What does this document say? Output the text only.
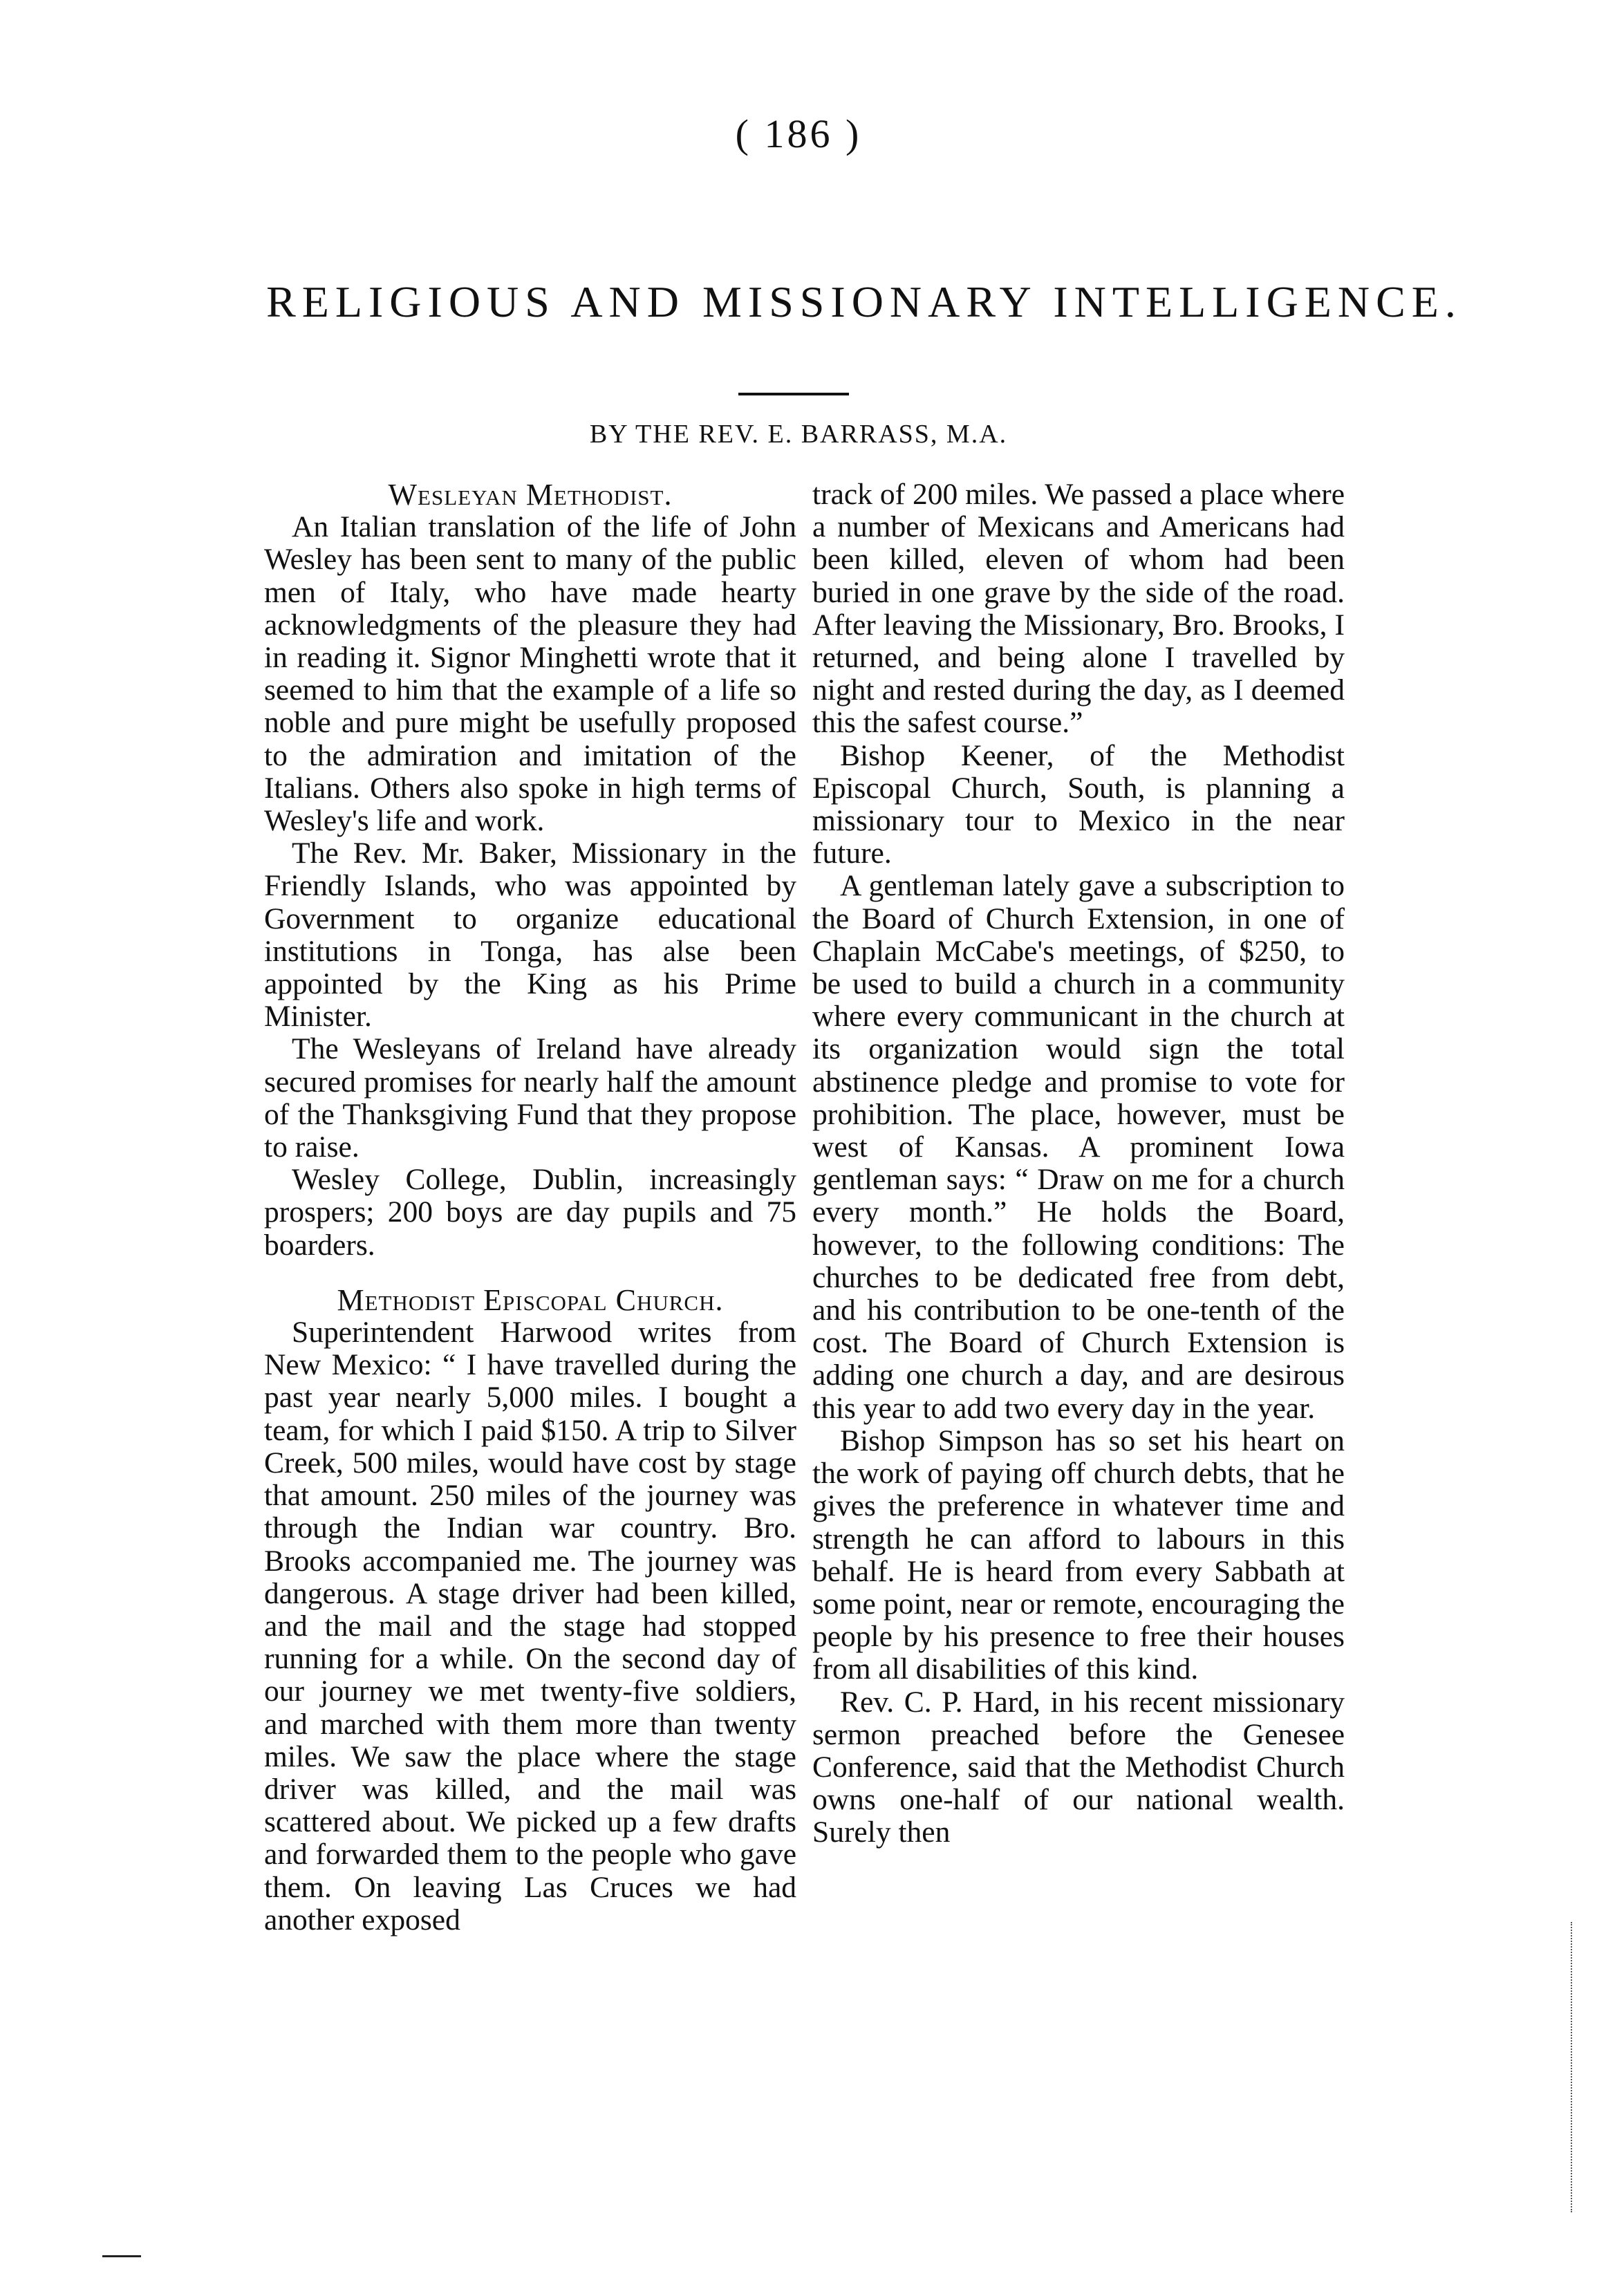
( 186 )
RELIGIOUS AND MISSIONARY INTELLIGENCE.
BY THE REV. E. BARRASS, M.A.
Wesleyan Methodist.

An Italian translation of the life of John Wesley has been sent to many of the public men of Italy, who have made hearty acknowledgments of the pleasure they had in reading it. Signor Minghetti wrote that it seemed to him that the example of a life so noble and pure might be usefully proposed to the admiration and imitation of the Italians. Others also spoke in high terms of Wesley's life and work.

The Rev. Mr. Baker, Missionary in the Friendly Islands, who was appointed by Government to organize educational institutions in Tonga, has alse been appointed by the King as his Prime Minister.

The Wesleyans of Ireland have already secured promises for nearly half the amount of the Thanksgiving Fund that they propose to raise.

Wesley College, Dublin, increasingly prospers; 200 boys are day pupils and 75 boarders.

Methodist Episcopal Church.

Superintendent Harwood writes from New Mexico: “ I have travelled during the past year nearly 5,000 miles. I bought a team, for which I paid $150. A trip to Silver Creek, 500 miles, would have cost by stage that amount. 250 miles of the journey was through the Indian war country. Bro. Brooks accompanied me. The journey was dangerous. A stage driver had been killed, and the mail and the stage had stopped running for a while. On the second day of our journey we met twenty-five soldiers, and marched with them more than twenty miles. We saw the place where the stage driver was killed, and the mail was scattered about. We picked up a few drafts and forwarded them to the people who gave them. On leaving Las Cruces we had another exposed

track of 200 miles. We passed a place where a number of Mexicans and Americans had been killed, eleven of whom had been buried in one grave by the side of the road. After leaving the Missionary, Bro. Brooks, I returned, and being alone I travelled by night and rested during the day, as I deemed this the safest course.”

Bishop Keener, of the Methodist Episcopal Church, South, is planning a missionary tour to Mexico in the near future.

A gentleman lately gave a subscription to the Board of Church Extension, in one of Chaplain McCabe's meetings, of $250, to be used to build a church in a community where every communicant in the church at its organization would sign the total abstinence pledge and promise to vote for prohibition. The place, however, must be west of Kansas. A prominent Iowa gentleman says: “ Draw on me for a church every month.” He holds the Board, however, to the following conditions: The churches to be dedicated free from debt, and his contribution to be one-tenth of the cost. The Board of Church Extension is adding one church a day, and are desirous this year to add two every day in the year.

Bishop Simpson has so set his heart on the work of paying off church debts, that he gives the preference in whatever time and strength he can afford to labours in this behalf. He is heard from every Sabbath at some point, near or remote, encouraging the people by his presence to free their houses from all disabilities of this kind.

Rev. C. P. Hard, in his recent missionary sermon preached before the Genesee Conference, said that the Methodist Church owns one-half of our national wealth. Surely then
